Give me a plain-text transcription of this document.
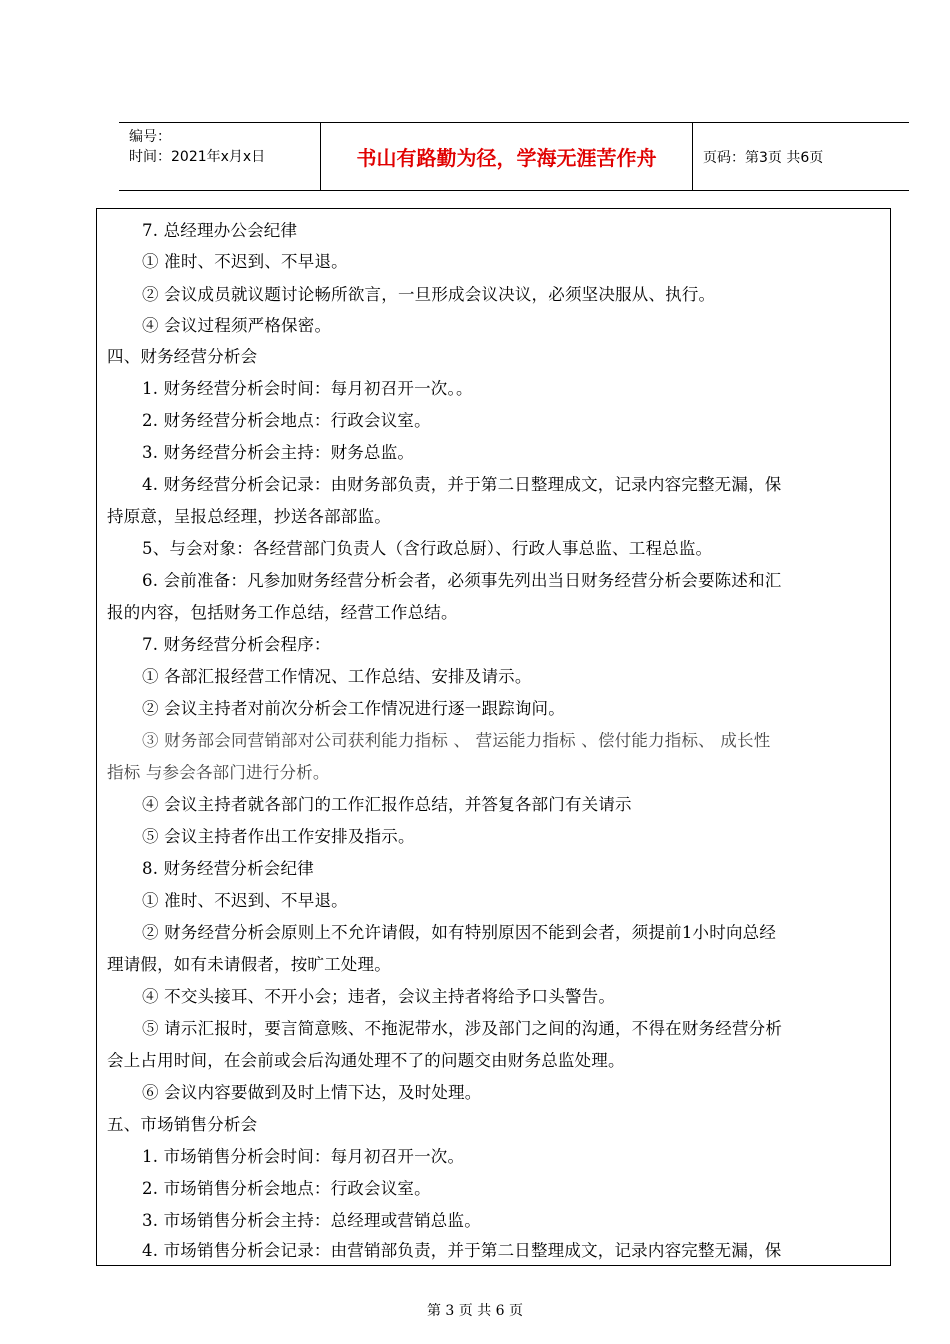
编号：
时间：2021年x月x日	书山有路勤为径，学海无涯苦作舟	页码：第3页 共6页
7. 总经理办公会纪律
① 准时、不迟到、不早退。
② 会议成员就议题讨论畅所欲言，一旦形成会议决议，必须坚决服从、执行。
④ 会议过程须严格保密。
四、财务经营分析会
1. 财务经营分析会时间：每月初召开一次。。
2. 财务经营分析会地点：行政会议室。
3. 财务经营分析会主持：财务总监。
4. 财务经营分析会记录：由财务部负责，并于第二日整理成文，记录内容完整无漏，保
持原意，呈报总经理，抄送各部部监。
5、与会对象：各经营部门负责人（含行政总厨）、行政人事总监、工程总监。
6. 会前准备：凡参加财务经营分析会者，必须事先列出当日财务经营分析会要陈述和汇
报的内容，包括财务工作总结，经营工作总结。
7. 财务经营分析会程序：
① 各部汇报经营工作情况、工作总结、安排及请示。
② 会议主持者对前次分析会工作情况进行逐一跟踪询问。
③ 财务部会同营销部对公司获利能力指标 、 营运能力指标 、偿付能力指标、 成长性
指标 与参会各部门进行分析。
④ 会议主持者就各部门的工作汇报作总结，并答复各部门有关请示
⑤ 会议主持者作出工作安排及指示。
8. 财务经营分析会纪律
① 准时、不迟到、不早退。
② 财务经营分析会原则上不允许请假，如有特别原因不能到会者，须提前1小时向总经
理请假，如有未请假者，按旷工处理。
④ 不交头接耳、不开小会；违者，会议主持者将给予口头警告。
⑤ 请示汇报时，要言简意赅、不拖泥带水，涉及部门之间的沟通，不得在财务经营分析
会上占用时间，在会前或会后沟通处理不了的问题交由财务总监处理。
⑥ 会议内容要做到及时上情下达，及时处理。
五、市场销售分析会
1. 市场销售分析会时间：每月初召开一次。
2. 市场销售分析会地点：行政会议室。
3. 市场销售分析会主持：总经理或营销总监。
4. 市场销售分析会记录：由营销部负责，并于第二日整理成文，记录内容完整无漏，保
第 3 页 共 6 页
